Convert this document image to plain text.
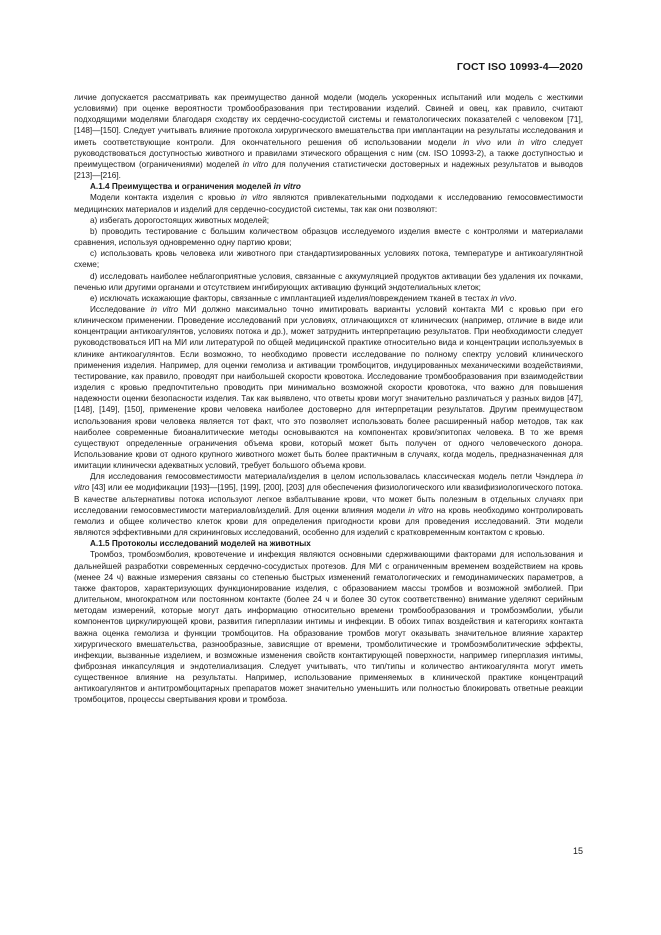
ГОСТ ISO 10993-4—2020

личие допускается рассматривать как преимущество данной модели (модель ускоренных испытаний или модель с жесткими условиями) при оценке вероятности тромбообразования при тестировании изделий. Свиней и овец, как правило, считают подходящими моделями благодаря сходству их сердечно-сосудистой системы и гематологических показателей с человеком [71], [148]—[150]. Следует учитывать влияние протокола хирургического вмешательства при имплантации на результаты исследования и иметь соответствующие контроли. Для окончательного решения об использовании модели in vivo или in vitro следует руководствоваться доступностью животного и правилами этического обращения с ним (см. ISO 10993-2), а также доступностью и преимуществом (ограничениями) моделей in vitro для получения статистически достоверных и надежных результатов и выводов [213]—[216].

А.1.4 Преимущества и ограничения моделей in vitro

Модели контакта изделия с кровью in vitro являются привлекательными подходами к исследованию гемосовместимости медицинских материалов и изделий для сердечно-сосудистой системы, так как они позволяют:

a) избегать дорогостоящих животных моделей;

b) проводить тестирование с большим количеством образцов исследуемого изделия вместе с контролями и материалами сравнения, используя одновременно одну партию крови;

c) использовать кровь человека или животного при стандартизированных условиях потока, температуре и антикоагулянтной схеме;

d) исследовать наиболее неблагоприятные условия, связанные с аккумуляцией продуктов активации без удаления их почками, печенью или другими органами и отсутствием ингибирующих активацию функций эндотелиальных клеток;

e) исключать искажающие факторы, связанные с имплантацией изделия/повреждением тканей в тестах in vivo.

Исследование in vitro МИ должно максимально точно имитировать варианты условий контакта МИ с кровью при его клиническом применении. Проведение исследований при условиях, отличающихся от клинических (например, отличие в виде или концентрации антикоагулянтов, условиях потока и др.), может затруднить интерпретацию результатов. При необходимости следует руководствоваться ИП на МИ или литературой по общей медицинской практике относительно вида и концентрации используемых в клинике антикоагулянтов. Если возможно, то необходимо провести исследование по полному спектру условий клинического применения изделия. Например, для оценки гемолиза и активации тромбоцитов, индуцированных механическими воздействиями, тестирование, как правило, проводят при наибольшей скорости кровотока. Исследование тромбообразования при взаимодействии изделия с кровью предпочтительно проводить при минимально возможной скорости кровотока, что важно для повышения надежности оценки безопасности изделия. Так как выявлено, что ответы крови могут значительно различаться у разных видов [47], [148], [149], [150], применение крови человека наиболее достоверно для интерпретации результатов. Другим преимуществом использования крови человека является тот факт, что это позволяет использовать более расширенный набор методов, так как наиболее современные биоаналитические методы основываются на компонентах крови/эпитопах человека. В то же время существуют определенные ограничения объема крови, который может быть получен от одного человеческого донора. Использование крови от одного крупного животного может быть более практичным в случаях, когда модель, предназначенная для имитации клинически адекватных условий, требует большого объема крови.

Для исследования гемосовместимости материала/изделия в целом использовалась классическая модель петли Чэндлера in vitro [43] или ее модификации [193]—[195], [199], [200], [203] для обеспечения физиологического или квазифизиологического потока. В качестве альтернативы потока используют легкое взбалтывание крови, что может быть полезным в отдельных случаях при исследовании гемосовместимости материалов/изделий. Для оценки влияния модели in vitro на кровь необходимо контролировать гемолиз и общее количество клеток крови для определения пригодности крови для проведения исследований. Эти модели являются эффективными для скрининговых исследований, особенно для изделий с кратковременным контактом с кровью.

А.1.5 Протоколы исследований моделей на животных

Тромбоз, тромбоэмболия, кровотечение и инфекция являются основными сдерживающими факторами для использования и дальнейшей разработки современных сердечно-сосудистых протезов. Для МИ с ограниченным временем воздействием на кровь (менее 24 ч) важные измерения связаны со степенью быстрых изменений гематологических и гемодинамических параметров, а также факторов, характеризующих функционирование изделия, с образованием массы тромбов и возможной эмболией. При длительном, многократном или постоянном контакте (более 24 ч и более 30 суток соответственно) внимание уделяют серийным методам измерений, которые могут дать информацию относительно времени тромбообразования и тромбоэмболии, убыли компонентов циркулирующей крови, развития гиперплазии интимы и инфекции. В обоих типах воздействия и категориях контакта важна оценка гемолиза и функции тромбоцитов. На образование тромбов могут оказывать значительное влияние характер хирургического вмешательства, разнообразные, зависящие от времени, тромболитические и тромбоэмболитические эффекты, инфекции, вызванные изделием, и возможные изменения свойств контактирующей поверхности, например гиперплазия интимы, фиброзная инкапсуляция и эндотелиализация. Следует учитывать, что тип/типы и количество антикоагулянта могут иметь существенное влияние на результаты. Например, использование применяемых в клинической практике концентраций антикоагулянтов и антитромбоцитарных препаратов может значительно уменьшить или полностью блокировать ответные реакции тромбоцитов, процессы свертывания крови и тромбоза.

15
